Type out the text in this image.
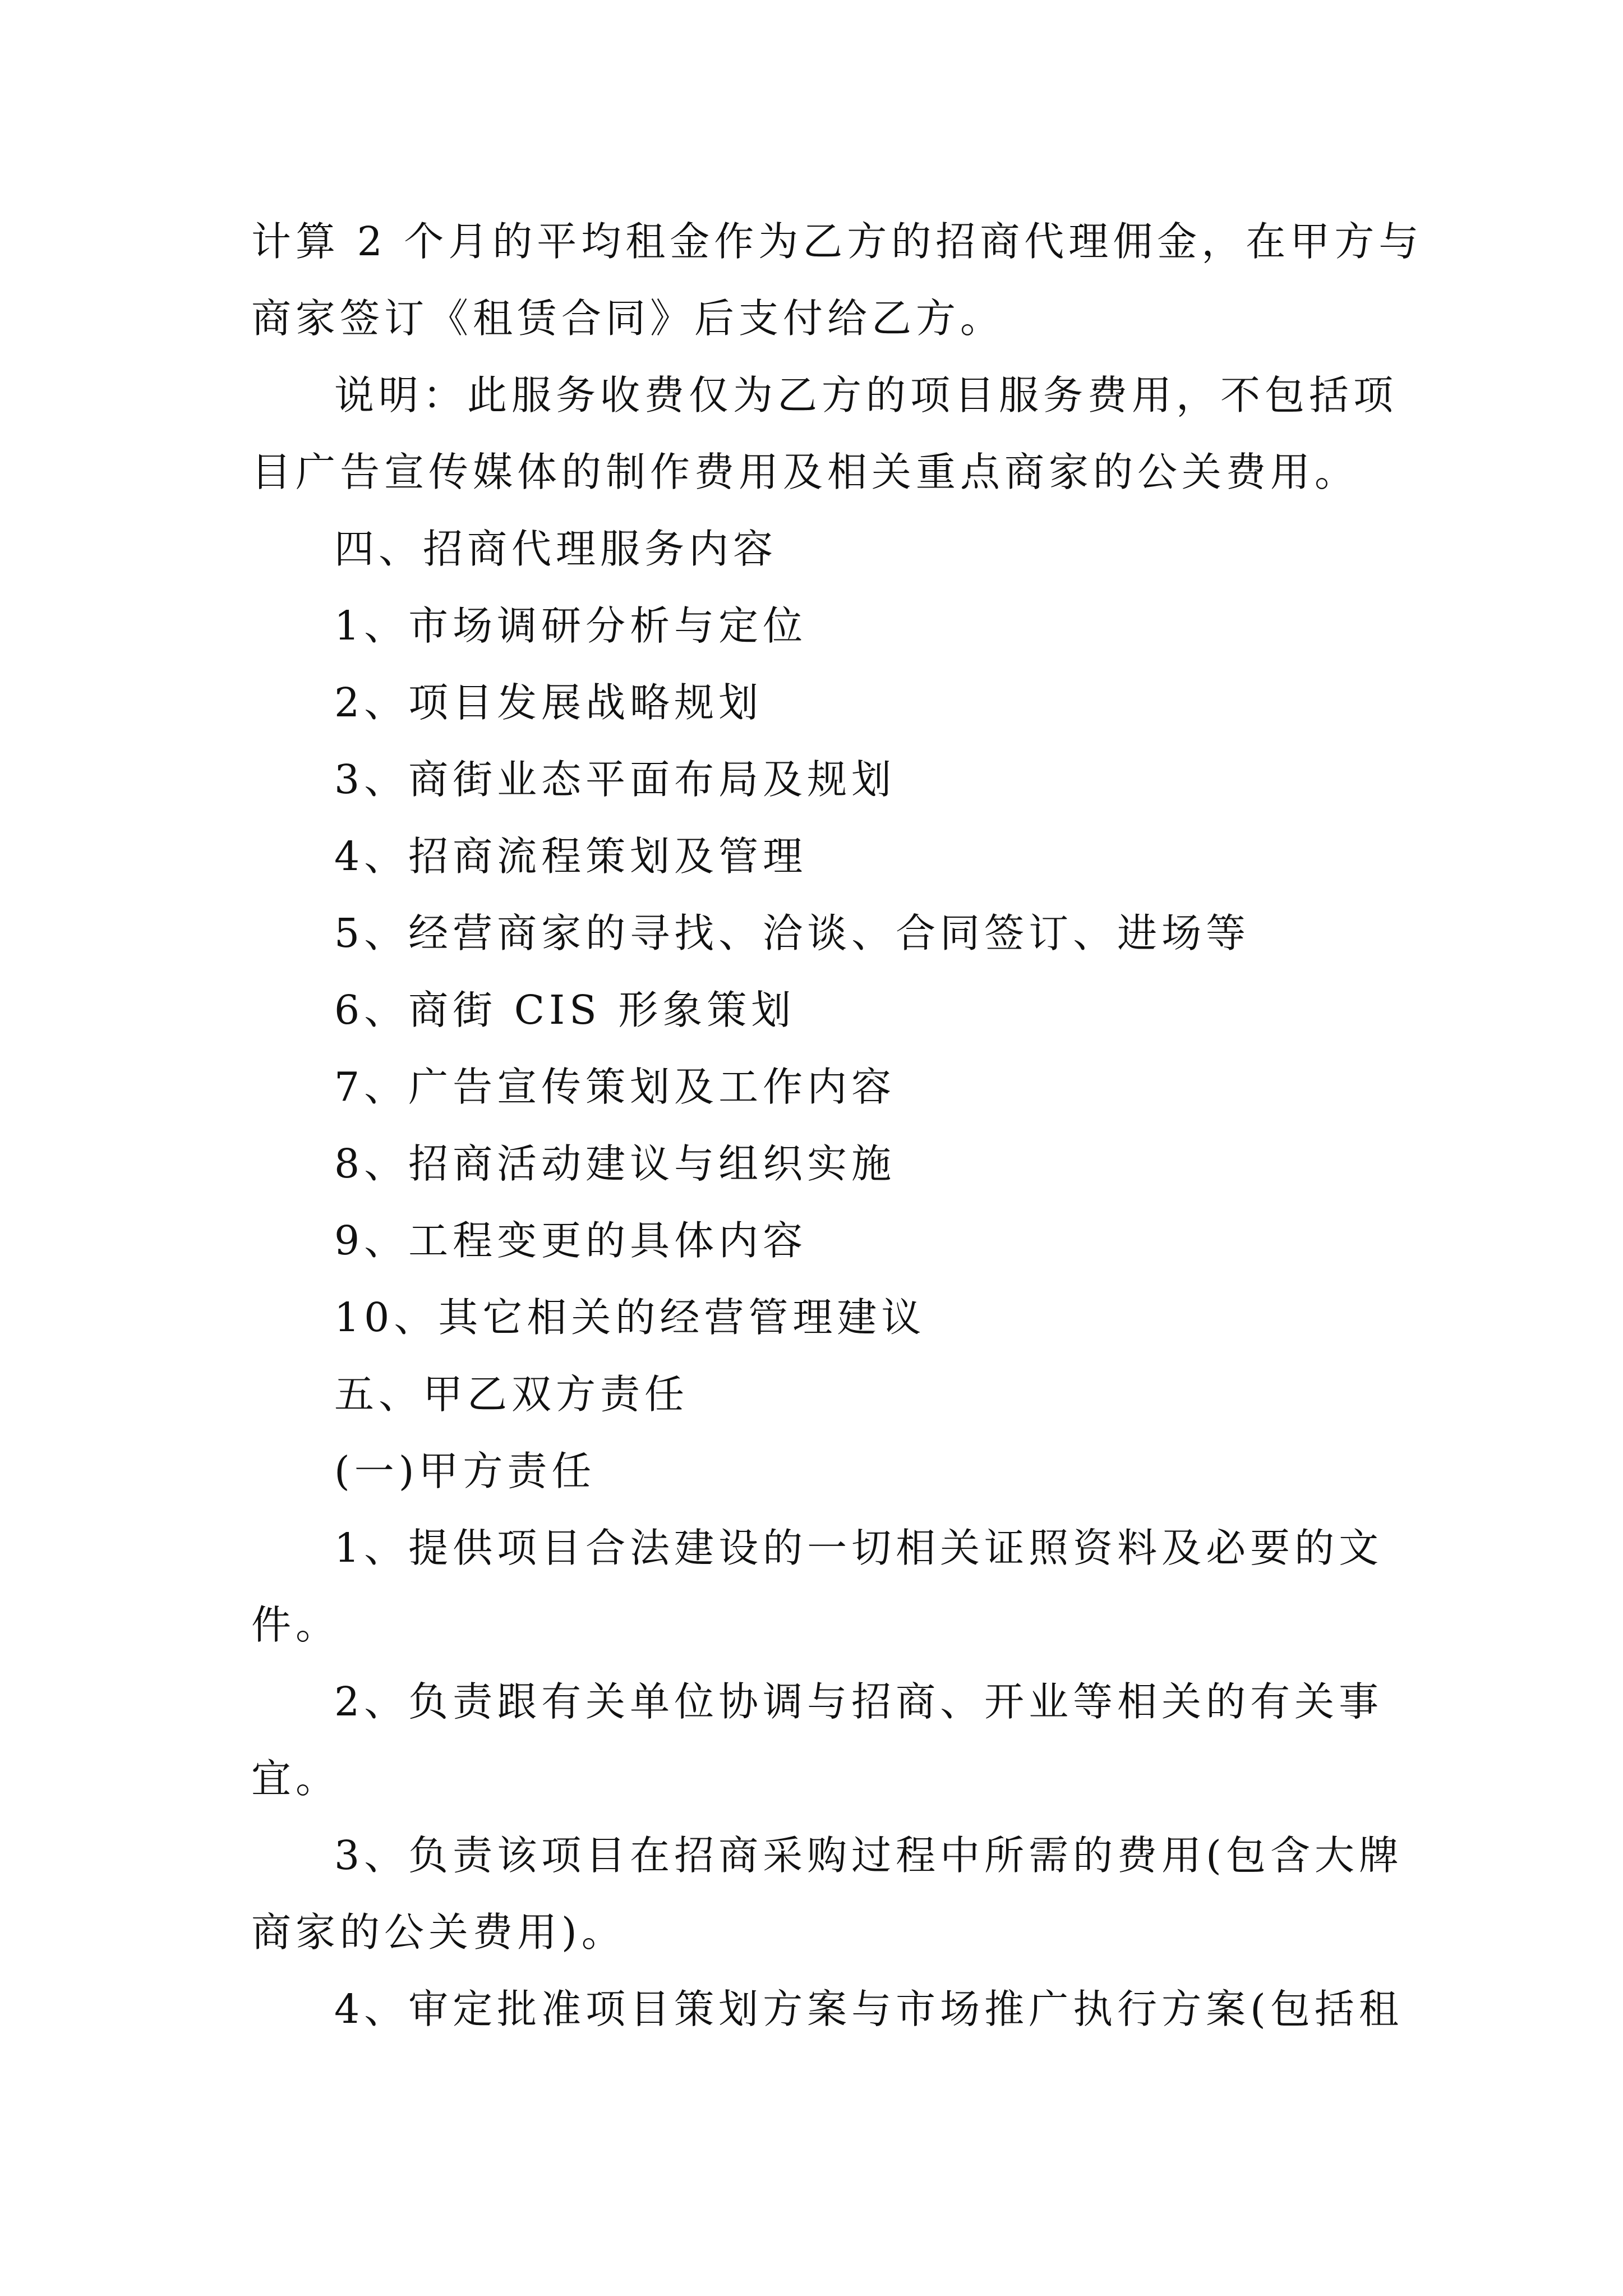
计算 2 个月的平均租金作为乙方的招商代理佣金，在甲方与
商家签订《租赁合同》后支付给乙方。
说明：此服务收费仅为乙方的项目服务费用，不包括项
目广告宣传媒体的制作费用及相关重点商家的公关费用。
四、招商代理服务内容
1、市场调研分析与定位
2、项目发展战略规划
3、商街业态平面布局及规划
4、招商流程策划及管理
5、经营商家的寻找、洽谈、合同签订、进场等
6、商街 CIS 形象策划
7、广告宣传策划及工作内容
8、招商活动建议与组织实施
9、工程变更的具体内容
10、其它相关的经营管理建议
五、甲乙双方责任
(一)甲方责任
1、提供项目合法建设的一切相关证照资料及必要的文
件。
2、负责跟有关单位协调与招商、开业等相关的有关事
宜。
3、负责该项目在招商采购过程中所需的费用(包含大牌
商家的公关费用)。
4、审定批准项目策划方案与市场推广执行方案(包括租
